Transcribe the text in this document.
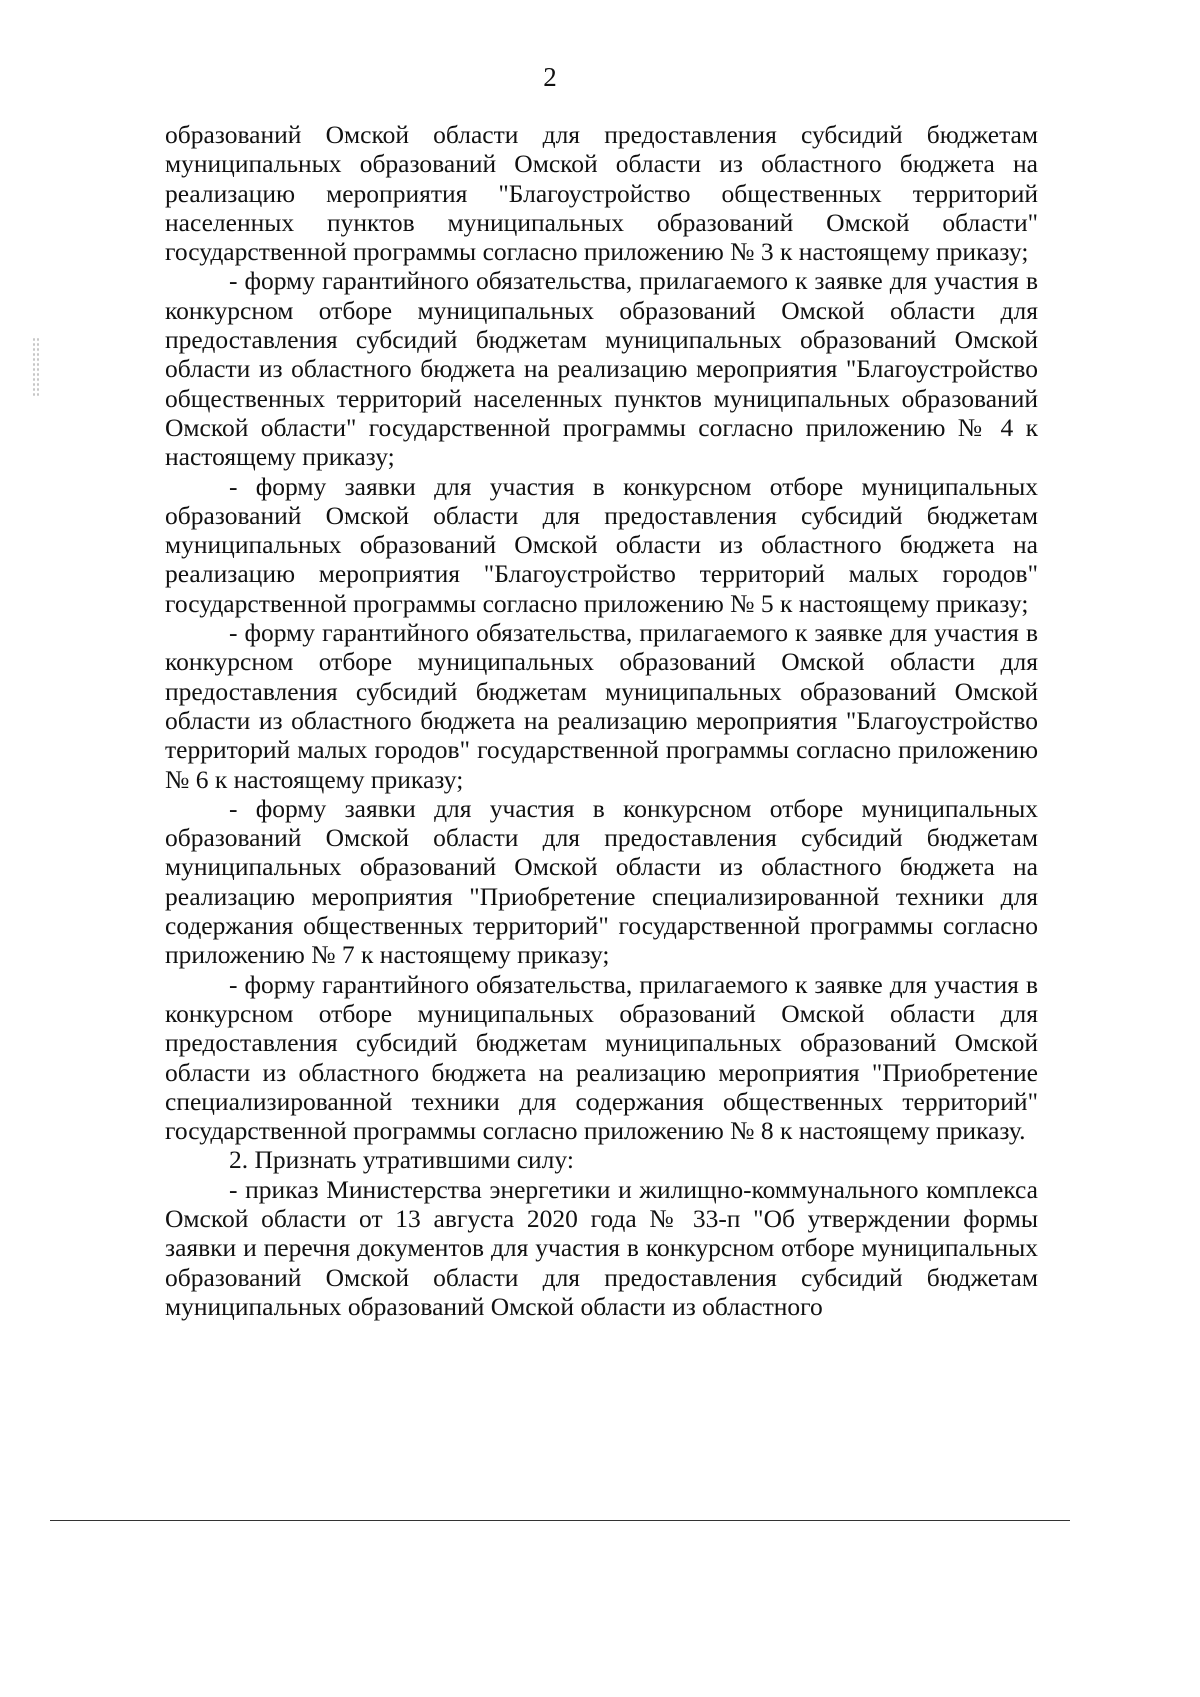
2

образований Омской области для предоставления субсидий бюджетам муниципальных образований Омской области из областного бюджета на реализацию мероприятия "Благоустройство общественных территорий населенных пунктов муниципальных образований Омской области" государственной программы согласно приложению № 3 к настоящему приказу;

- форму гарантийного обязательства, прилагаемого к заявке для участия в конкурсном отборе муниципальных образований Омской области для предоставления субсидий бюджетам муниципальных образований Омской области из областного бюджета на реализацию мероприятия "Благоустройство общественных территорий населенных пунктов муниципальных образований Омской области" государственной программы согласно приложению № 4 к настоящему приказу;

- форму заявки для участия в конкурсном отборе муниципальных образований Омской области для предоставления субсидий бюджетам муниципальных образований Омской области из областного бюджета на реализацию мероприятия "Благоустройство территорий малых городов" государственной программы согласно приложению № 5 к настоящему приказу;

- форму гарантийного обязательства, прилагаемого к заявке для участия в конкурсном отборе муниципальных образований Омской области для предоставления субсидий бюджетам муниципальных образований Омской области из областного бюджета на реализацию мероприятия "Благоустройство территорий малых городов" государственной программы согласно приложению № 6 к настоящему приказу;

- форму заявки для участия в конкурсном отборе муниципальных образований Омской области для предоставления субсидий бюджетам муниципальных образований Омской области из областного бюджета на реализацию мероприятия "Приобретение специализированной техники для содержания общественных территорий" государственной программы согласно приложению № 7 к настоящему приказу;

- форму гарантийного обязательства, прилагаемого к заявке для участия в конкурсном отборе муниципальных образований Омской области для предоставления субсидий бюджетам муниципальных образований Омской области из областного бюджета на реализацию мероприятия "Приобретение специализированной техники для содержания общественных территорий" государственной программы согласно приложению № 8 к настоящему приказу.

2. Признать утратившими силу:

- приказ Министерства энергетики и жилищно-коммунального комплекса Омской области от 13 августа 2020 года № 33-п "Об утверждении формы заявки и перечня документов для участия в конкурсном отборе муниципальных образований Омской области для предоставления субсидий бюджетам муниципальных образований Омской области из областного
